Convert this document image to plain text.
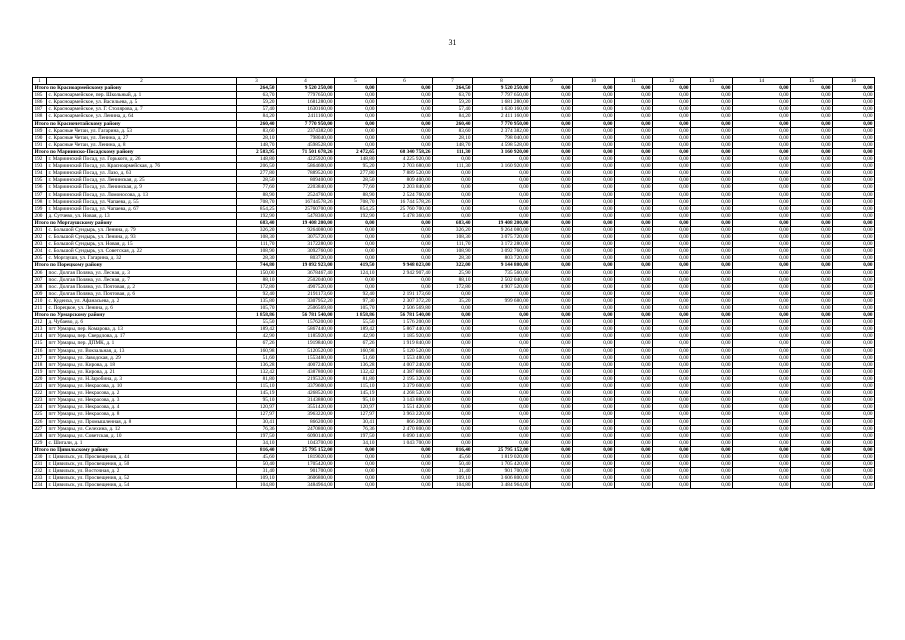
31
1	2	3	4	5	6	7	8	9	10	11	12	13	14	15	16
Итого по Красноармейскому району		264,50	9 520 250,00	0,00	0,00	264,50	9 520 250,00	0,00	0,00	0,00	0,00	0,00	0,00	0,00	0,00
185	с. Красноармейское, пер. Школьный, д. 1	63,70	7797650,00	0,00	0,00	63,70	7 797 650,00	0,00	0,00	0,00	0,00	0,00	0,00	0,00	0,00
186	с. Красноармейское, ул. Васильева, д. 5	59,20	1681280,00	0,00	0,00	59,20	1 681 280,00	0,00	0,00	0,00	0,00	0,00	0,00	0,00	0,00
187	с. Красноармейское, ул. Г. Столярова, д. 7	57,40	1630160,00	0,00	0,00	57,40	1 630 160,00	0,00	0,00	0,00	0,00	0,00	0,00	0,00	0,00
188	с. Красноармейское, ул. Ленина, д. 64	84,20	2411160,00	0,00	0,00	84,20	2 411 160,00	0,00	0,00	0,00	0,00	0,00	0,00	0,00	0,00
Итого по Красночетайскому району		260,40	7 770 950,00	0,00	0,00	260,40	7 770 950,00	0,00	0,00	0,00	0,00	0,00	0,00	0,00	0,00
189	с. Красные Четаи, ул. Гагарина, д. 53	83,60	2374382,00	0,00	0,00	83,60	2 374 382,00	0,00	0,00	0,00	0,00	0,00	0,00	0,00	0,00
190	с. Красные Четаи, ул. Ленина, д. 27	28,10	798040,00	0,00	0,00	28,10	798 040,00	0,00	0,00	0,00	0,00	0,00	0,00	0,00	0,00
191	с. Красные Четаи, ул. Ленина, д. 8	148,70	4598528,00	0,00	0,00	148,70	4 598 528,00	0,00	0,00	0,00	0,00	0,00	0,00	0,00	0,00
Итого по Мариинско-Посадскому району		2 583,95	71 501 678,26	2 472,65	68 340 758,26	111,30	3 160 920,00	0,00	0,00	0,00	0,00	0,00	0,00	0,00	0,00
192	г. Мариинский Посад, ул. Горького, д. 26	148,80	4225920,00	148,80	4 225 920,00	0,00	0,00	0,00	0,00	0,00	0,00	0,00	0,00	0,00	0,00
193	г. Мариинский Посад, ул. Красноармейская, д. 76	206,50	5864600,00	95,20	2 703 680,00	111,30	3 160 920,00	0,00	0,00	0,00	0,00	0,00	0,00	0,00	0,00
194	г. Мариинский Посад, ул. Лазо, д. 63	277,80	7889520,00	277,80	7 889 520,00	0,00	0,00	0,00	0,00	0,00	0,00	0,00	0,00	0,00	0,00
195	г. Мариинский Посад, ул. Ленинская, д. 25	28,50	809400,00	28,50	809 400,00	0,00	0,00	0,00	0,00	0,00	0,00	0,00	0,00	0,00	0,00
196	г. Мариинский Посад, ул. Ленинская, д. 9	77,60	2203840,00	77,60	2 203 840,00	0,00	0,00	0,00	0,00	0,00	0,00	0,00	0,00	0,00	0,00
197	г. Мариинский Посад, ул. Ломоносова, д. 13	88,90	2524760,00	88,90	2 524 760,00	0,00	0,00	0,00	0,00	0,00	0,00	0,00	0,00	0,00	0,00
198	г. Мариинский Посад, ул. Чапаева, д. 55	708,70	16744578,26	708,70	16 744 578,26	0,00	0,00	0,00	0,00	0,00	0,00	0,00	0,00	0,00	0,00
199	г. Мариинский Посад, ул. Чапаева, д. 67	854,25	25760700,00	854,25	25 760 700,00	0,00	0,00	0,00	0,00	0,00	0,00	0,00	0,00	0,00	0,00
200	д. Сутчево, ул. Новая, д. 13	192,90	5478360,00	192,90	5 478 360,00	0,00	0,00	0,00	0,00	0,00	0,00	0,00	0,00	0,00	0,00
Итого по Моргаушскому району		683,40	19 408 200,00	0,00	0,00	683,40	19 408 200,00	0,00	0,00	0,00	0,00	0,00	0,00	0,00	0,00
201	с. Большой Сундырь, ул. Ленина, д. 79	326,20	9264080,00	0,00	0,00	326,20	9 264 080,00	0,00	0,00	0,00	0,00	0,00	0,00	0,00	0,00
202	с. Большой Сундырь, ул. Ленина, д. 93	108,30	3075720,00	0,00	0,00	108,30	3 075 720,00	0,00	0,00	0,00	0,00	0,00	0,00	0,00	0,00
203	с. Большой Сундырь, ул. Новая, д. 15	111,70	3172280,00	0,00	0,00	111,70	3 172 280,00	0,00	0,00	0,00	0,00	0,00	0,00	0,00	0,00
204	с. Большой Сундырь, ул. Советская, д. 22	108,90	3092760,00	0,00	0,00	108,90	3 092 760,00	0,00	0,00	0,00	0,00	0,00	0,00	0,00	0,00
205	с. Моргауши, ул. Гагарина, д. 32	28,30	803720,00	0,00	0,00	28,30	803 720,00	0,00	0,00	0,00	0,00	0,00	0,00	0,00	0,00
Итого по Порецкому району		744,80	19 092 923,00	419,50	9 948 023,00	322,00	9 144 800,00	0,00	0,00	0,00	0,00	0,00	0,00	0,00	0,00
206	пос. Долгая Поляна, ул. Лесная, д. 3	150,00	3678467,40	124,10	2 942 907,40	25,90	735 560,00	0,00	0,00	0,00	0,00	0,00	0,00	0,00	0,00
207	пос. Долгая Поляна, ул. Лесная, д. 7	88,10	2502040,00	0,00	0,00	88,10	2 502 040,00	0,00	0,00	0,00	0,00	0,00	0,00	0,00	0,00
208	пос. Долгая Поляна, ул. Почтовая, д. 2	172,80	4907520,00	0,00	0,00	172,80	4 907 520,00	0,00	0,00	0,00	0,00	0,00	0,00	0,00	0,00
209	пос. Долгая Поляна, ул. Почтовая, д. 6	92,40	2191173,60	92,40	2 191 173,60	0,00	0,00	0,00	0,00	0,00	0,00	0,00	0,00	0,00	0,00
210	с. Кудеиха, ул. Афанасьева, д. 2	135,80	3307952,20	97,30	2 307 372,20	35,20	999 680,00	0,00	0,00	0,00	0,00	0,00	0,00	0,00	0,00
211	с. Порецкое, ул. Ленина, д. 6	105,70	2506569,80	105,70	2 506 569,80	0,00	0,00	0,00	0,00	0,00	0,00	0,00	0,00	0,00	0,00
Итого по Урмарскому району		1 858,86	56 781 540,00	1 858,86	56 781 540,00	0,00	0,00	0,00	0,00	0,00	0,00	0,00	0,00	0,00	0,00
212	д. Чубаево, д. 6	55,50	1576200,00	55,50	1 576 200,00	0,00	0,00	0,00	0,00	0,00	0,00	0,00	0,00	0,00	0,00
213	пгт Урмары, пер. Комарова, д. 13	189,42	5867440,00	189,42	5 867 440,00	0,00	0,00	0,00	0,00	0,00	0,00	0,00	0,00	0,00	0,00
214	пгт Урмары, пер. Свердлова, д. 17	42,90	1185920,00	42,90	1 185 920,00	0,00	0,00	0,00	0,00	0,00	0,00	0,00	0,00	0,00	0,00
215	пгт Урмары, пер. ДПМК, д. 1	67,26	1919840,00	67,26	1 919 840,00	0,00	0,00	0,00	0,00	0,00	0,00	0,00	0,00	0,00	0,00
216	пгт Урмары, ул. Вокзальная, д. 13	160,98	5120520,00	160,98	5 120 520,00	0,00	0,00	0,00	0,00	0,00	0,00	0,00	0,00	0,00	0,00
217	пгт Урмары, ул. Заводская, д. 29	51,60	1553480,00	51,60	1 553 480,00	0,00	0,00	0,00	0,00	0,00	0,00	0,00	0,00	0,00	0,00
218	пгт Урмары, ул. Кирова, д. 18	136,28	4007240,00	136,28	4 007 240,00	0,00	0,00	0,00	0,00	0,00	0,00	0,00	0,00	0,00	0,00
219	пгт Урмары, ул. Кирова, д. 21	132,42	4387800,00	132,42	4 387 800,00	0,00	0,00	0,00	0,00	0,00	0,00	0,00	0,00	0,00	0,00
220	пгт Урмары, ул. Н.Заробина, д. 3	81,80	2195320,00	81,80	2 195 320,00	0,00	0,00	0,00	0,00	0,00	0,00	0,00	0,00	0,00	0,00
221	пгт Урмары, ул. Некрасова, д. 10	115,10	3379600,00	115,10	3 379 600,00	0,00	0,00	0,00	0,00	0,00	0,00	0,00	0,00	0,00	0,00
222	пгт Урмары, ул. Некрасова, д. 2	145,19	4268520,00	145,19	4 268 520,00	0,00	0,00	0,00	0,00	0,00	0,00	0,00	0,00	0,00	0,00
223	пгт Урмары, ул. Некрасова, д. 3	95,10	3143880,00	95,10	3 143 880,00	0,00	0,00	0,00	0,00	0,00	0,00	0,00	0,00	0,00	0,00
224	пгт Урмары, ул. Некрасова, д. 4	120,97	3551420,00	120,97	3 551 420,00	0,00	0,00	0,00	0,00	0,00	0,00	0,00	0,00	0,00	0,00
225	пгт Урмары, ул. Некрасова, д. 8	127,97	3963220,00	127,97	3 963 220,00	0,00	0,00	0,00	0,00	0,00	0,00	0,00	0,00	0,00	0,00
226	пгт Урмары, ул. Промышленная, д. 8	30,41	866200,00	30,41	866 200,00	0,00	0,00	0,00	0,00	0,00	0,00	0,00	0,00	0,00	0,00
227	пгт Урмары, ул. Селехина, д. 12	76,36	2470800,00	76,36	2 470 800,00	0,00	0,00	0,00	0,00	0,00	0,00	0,00	0,00	0,00	0,00
228	пгт Урмары, ул. Советская, д. 10	197,50	6090140,00	197,50	6 090 140,00	0,00	0,00	0,00	0,00	0,00	0,00	0,00	0,00	0,00	0,00
229	с. Шигали, д. 1	34,10	1043700,00	34,10	1 043 700,00	0,00	0,00	0,00	0,00	0,00	0,00	0,00	0,00	0,00	0,00
Итого по Цивильскому району		816,40	25 795 152,00	0,00	0,00	816,40	25 795 152,00	0,00	0,00	0,00	0,00	0,00	0,00	0,00	0,00
230	г. Цивильск, ул. Просвещения, д. 44	45,60	1819020,00	0,00	0,00	45,60	1 819 020,00	0,00	0,00	0,00	0,00	0,00	0,00	0,00	0,00
231	г. Цивильск, ул. Просвещения, д. 50	50,40	1705420,00	0,00	0,00	50,40	1 705 420,00	0,00	0,00	0,00	0,00	0,00	0,00	0,00	0,00
232	г. Цивильск, ул. Восточная, д. 2	31,40	901700,00	0,00	0,00	31,40	901 700,00	0,00	0,00	0,00	0,00	0,00	0,00	0,00	0,00
233	г. Цивильск, ул. Просвещения, д. 52	109,10	3606800,00	0,00	0,00	109,10	3 606 800,00	0,00	0,00	0,00	0,00	0,00	0,00	0,00	0,00
234	г. Цивильск, ул. Просвещения, д. 54	104,80	3484964,00	0,00	0,00	104,80	3 484 964,00	0,00	0,00	0,00	0,00	0,00	0,00	0,00	0,00
